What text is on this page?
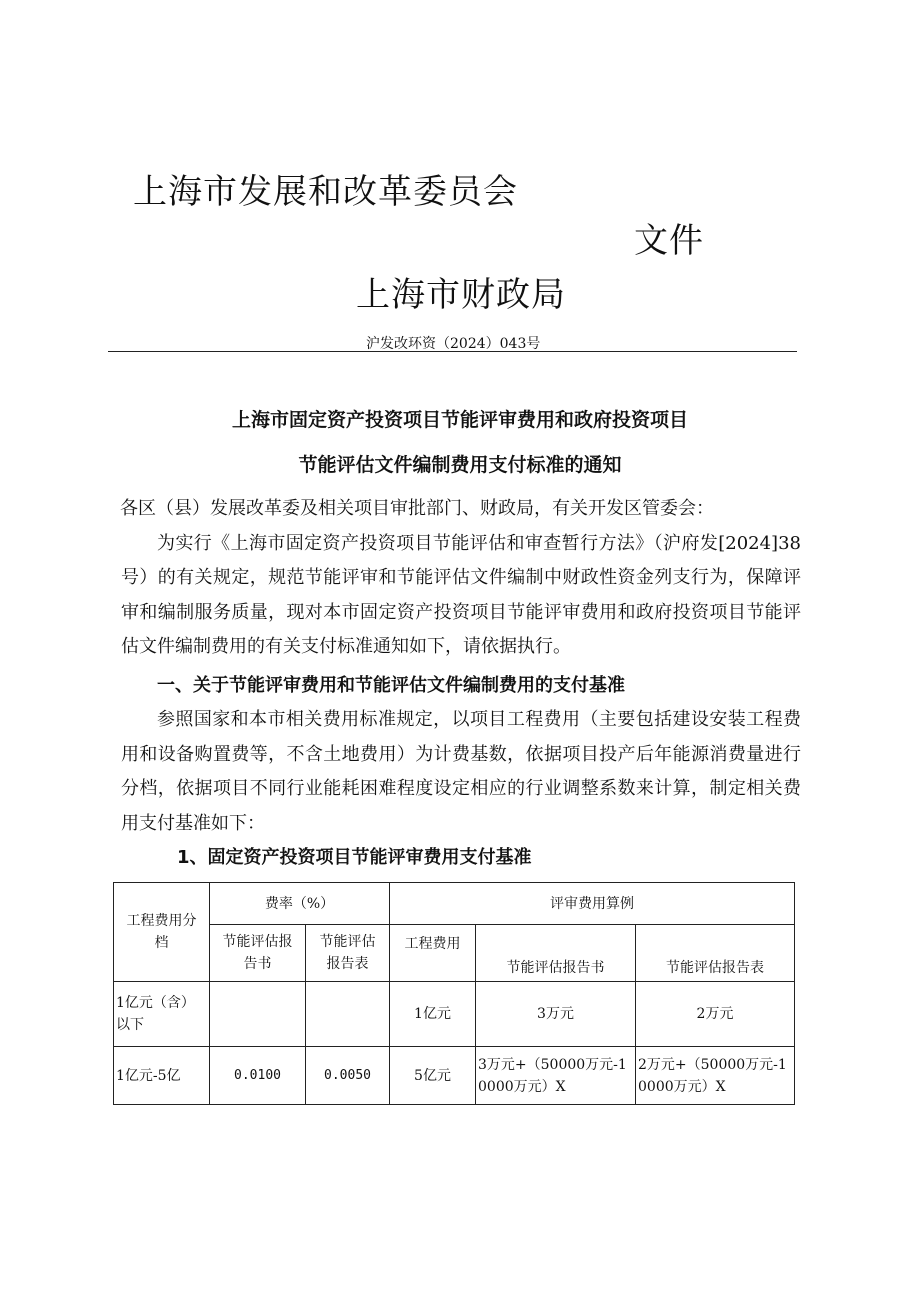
上海市发展和改革委员会
文件
上海市财政局
沪发改环资（2024）043号
上海市固定资产投资项目节能评审费用和政府投资项目
节能评估文件编制费用支付标准的通知

各区（县）发展改革委及相关项目审批部门、财政局，有关开发区管委会：

为实行《上海市固定资产投资项目节能评估和审查暂行方法》（沪府发[2024]38号）的有关规定，规范节能评审和节能评估文件编制中财政性资金列支行为，保障评审和编制服务质量，现对本市固定资产投资项目节能评审费用和政府投资项目节能评估文件编制费用的有关支付标准通知如下，请依据执行。

一、关于节能评审费用和节能评估文件编制费用的支付基准

参照国家和本市相关费用标准规定，以项目工程费用（主要包括建设安装工程费用和设备购置费等，不含土地费用）为计费基数，依据项目投产后年能源消费量进行分档，依据项目不同行业能耗困难程度设定相应的行业调整系数来计算，制定相关费用支付基准如下：

1、固定资产投资项目节能评审费用支付基准

工程费用分档	费率（%）		评审费用算例		
	节能评估报告书	节能评估报告表	工程费用	节能评估报告书	节能评估报告表
1亿元（含）以下			1亿元	3万元	2万元
1亿元-5亿	0.0100	0.0050	5亿元	3万元+（50000万元-10000万元）X	2万元+（50000万元-10000万元）X
